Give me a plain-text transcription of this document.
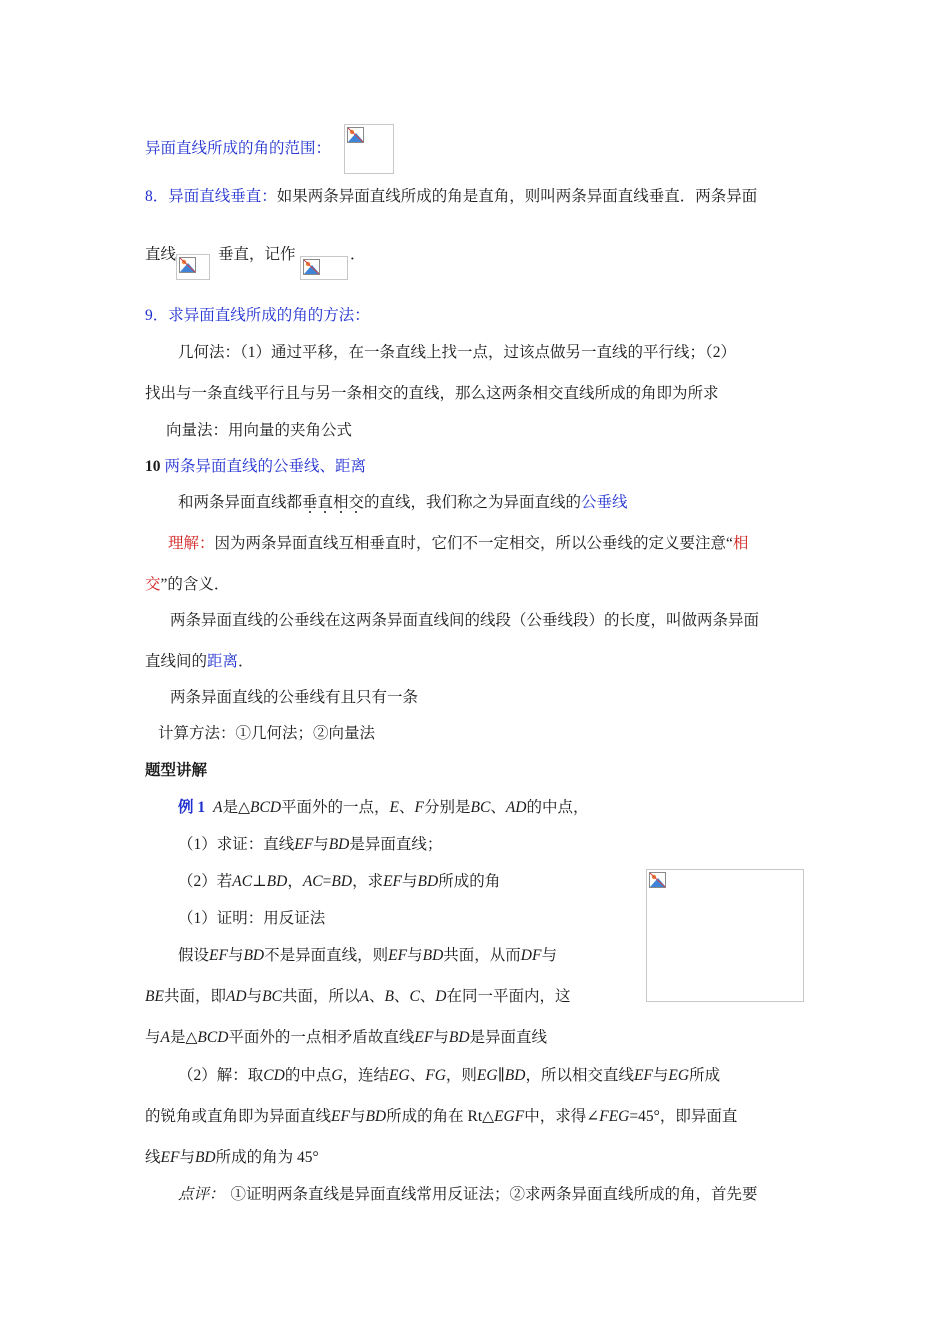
异面直线所成的角的范围：
8．异面直线垂直：如果两条异面直线所成的角是直角，则叫两条异面直线垂直．两条异面
直线	垂直，记作	．
9．求异面直线所成的角的方法：
几何法：（1）通过平移，在一条直线上找一点，过该点做另一直线的平行线；（2）
找出与一条直线平行且与另一条相交的直线，那么这两条相交直线所成的角即为所求
向量法：用向量的夹角公式
10 两条异面直线的公垂线、距离
和两条异面直线都垂直相交
的直线，我们称之为异面直线的公垂线
理解：因为两条异面直线互相垂直时，它们不一定相交，所以公垂线的定义要注意“相
交”的含义．
两条异面直线的公垂线在这两条异面直线间的线段（公垂线段）的长度，叫做两条异面
直线间的距离．
两条异面直线的公垂线有且只有一条
计算方法：①几何法；②向量法
题型讲解
例 1 A是△BCD平面外的一点，E、F分别是BC、AD的中点，
（1）求证：直线EF与BD是异面直线；
（2）若AC⊥BD，AC=BD，求EF与BD所成的角
（1）证明：用反证法
假设EF与BD不是异面直线，则EF与BD共面，从而DF与
BE共面，即AD与BC共面，所以A、B、C、D在同一平面内，这
与A是△BCD平面外的一点相矛盾故直线EF与BD是异面直线
（2）解：取CD的中点G，连结EG、FG，则EG∥BD，所以相交直线EF与EG所成
的锐角或直角即为异面直线EF与BD所成的角在 Rt△EGF中，求得∠FEG=45°，即异面直
线EF与BD所成的角为 45°
点评： ①证明两条直线是异面直线常用反证法；②求两条异面直线所成的角，首先要
